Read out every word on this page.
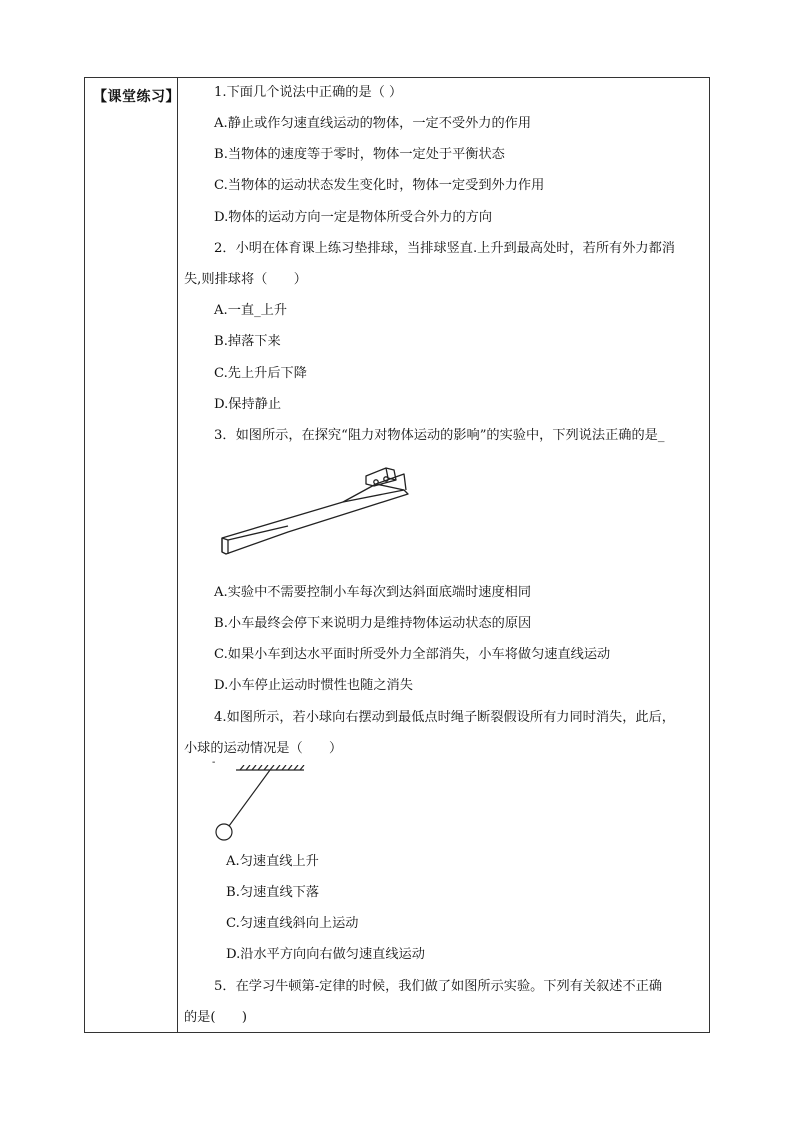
【课堂练习】	1.下面几个说法中正确的是（ ）
A.静止或作匀速直线运动的物体，一定不受外力的作用
B.当物体的速度等于零时，物体一定处于平衡状态
C.当物体的运动状态发生变化时，物体一定受到外力作用
D.物体的运动方向一定是物体所受合外力的方向
2．小明在体育课上练习垫排球，当排球竖直.上升到最高处时，若所有外力都消
失,则排球将（　　）
A.一直_上升
B.掉落下来
C.先上升后下降
D.保持静止
3．如图所示，在探究“阻力对物体运动的影响”的实验中，下列说法正确的是_
A.实验中不需要控制小车每次到达斜面底端时速度相同
B.小车最终会停下来说明力是维持物体运动状态的原因
C.如果小车到达水平面时所受外力全部消失，小车将做匀速直线运动
D.小车停止运动时惯性也随之消失
4.如图所示，若小球向右摆动到最低点时绳子断裂假设所有力同时消失，此后，
小球的运动情况是（　　）
-
A.匀速直线上升
B.匀速直线下落
C.匀速直线斜向上运动
D.沿水平方向向右做匀速直线运动
5．在学习牛顿第-定律的时候，我们做了如图所示实验。下列有关叙述不正确
的是(　　)
